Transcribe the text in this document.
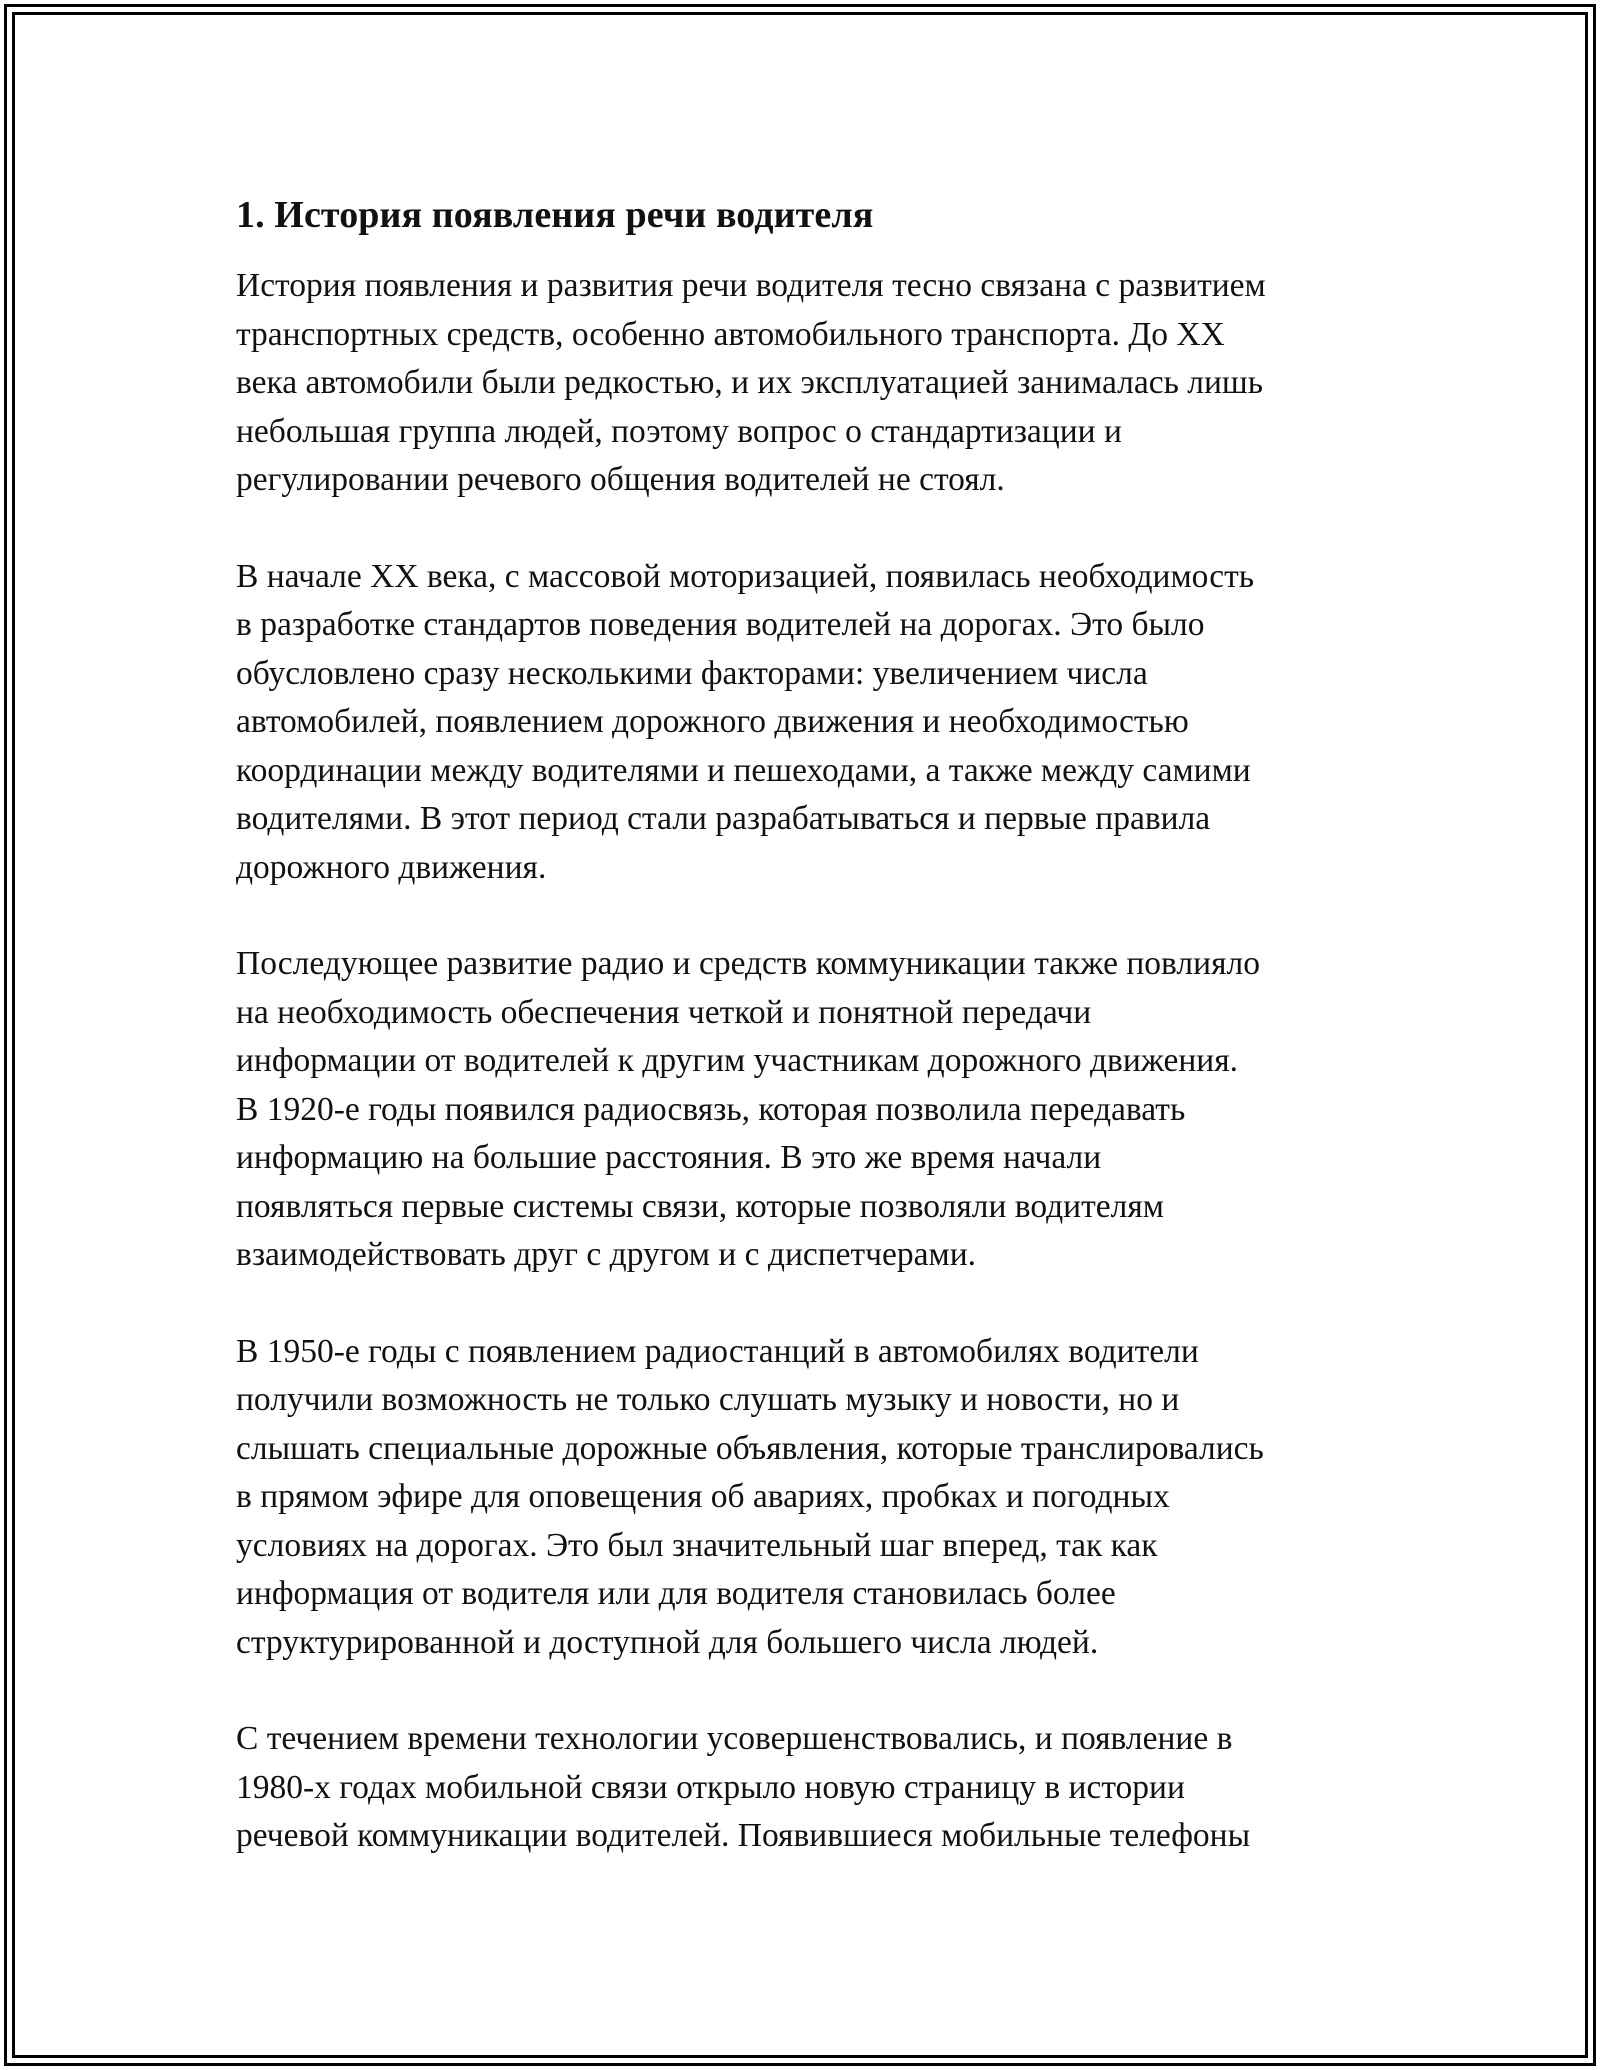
1. История появления речи водителя

История появления и развития речи водителя тесно связана с развитием
транспортных средств, особенно автомобильного транспорта. До XX
века автомобили были редкостью, и их эксплуатацией занималась лишь
небольшая группа людей, поэтому вопрос о стандартизации и
регулировании речевого общения водителей не стоял.

В начале XX века, с массовой моторизацией, появилась необходимость
в разработке стандартов поведения водителей на дорогах. Это было
обусловлено сразу несколькими факторами: увеличением числа
автомобилей, появлением дорожного движения и необходимостью
координации между водителями и пешеходами, а также между самими
водителями. В этот период стали разрабатываться и первые правила
дорожного движения.

Последующее развитие радио и средств коммуникации также повлияло
на необходимость обеспечения четкой и понятной передачи
информации от водителей к другим участникам дорожного движения.
В 1920-е годы появился радиосвязь, которая позволила передавать
информацию на большие расстояния. В это же время начали
появляться первые системы связи, которые позволяли водителям
взаимодействовать друг с другом и с диспетчерами.

В 1950-е годы с появлением радиостанций в автомобилях водители
получили возможность не только слушать музыку и новости, но и
слышать специальные дорожные объявления, которые транслировались
в прямом эфире для оповещения об авариях, пробках и погодных
условиях на дорогах. Это был значительный шаг вперед, так как
информация от водителя или для водителя становилась более
структурированной и доступной для большего числа людей.

С течением времени технологии усовершенствовались, и появление в
1980-х годах мобильной связи открыло новую страницу в истории
речевой коммуникации водителей. Появившиеся мобильные телефоны
